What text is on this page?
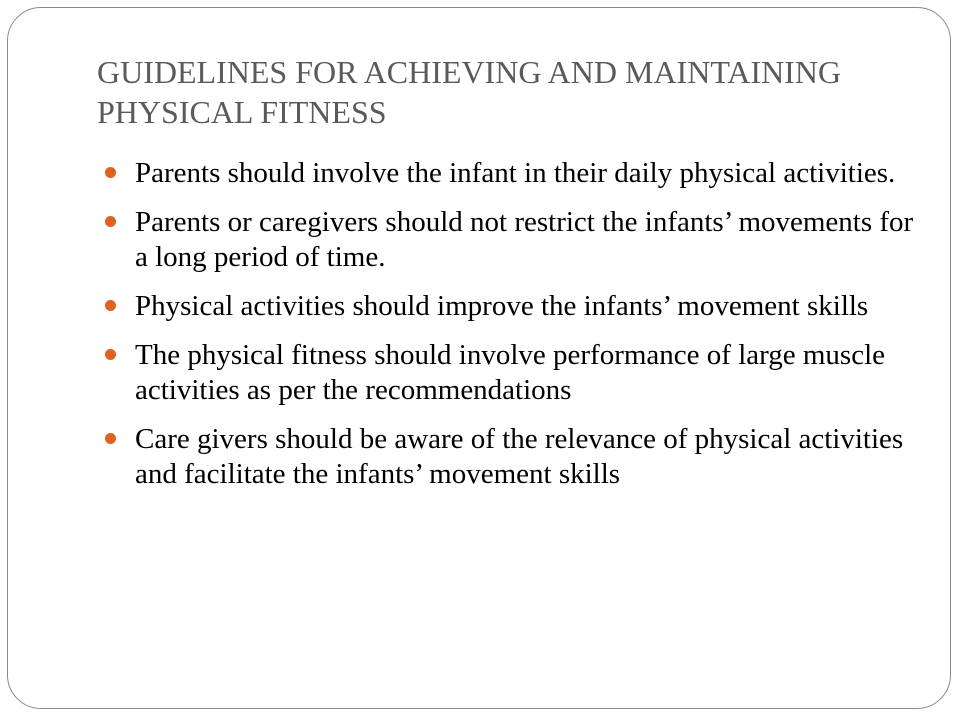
GUIDELINES FOR ACHIEVING AND MAINTAINING PHYSICAL FITNESS
Parents should involve the infant in their daily physical activities.
Parents or caregivers should not restrict the infants’ movements for a long period of time.
Physical activities should improve the infants’ movement skills
The physical fitness should involve performance of large muscle activities as per the recommendations
Care givers should be aware of the relevance of physical activities and facilitate the infants’ movement skills
